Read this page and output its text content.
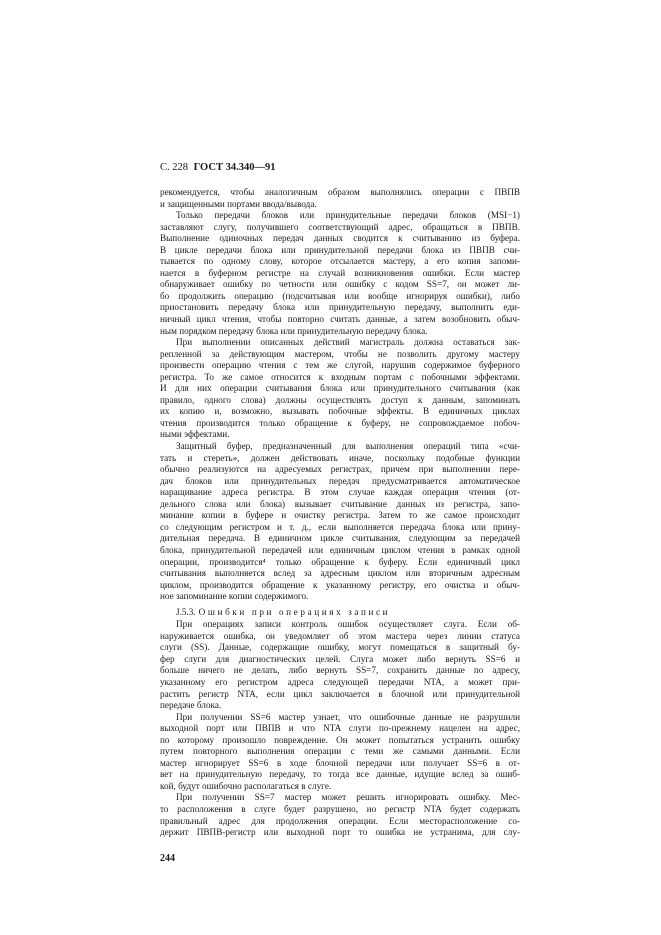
С. 228 ГОСТ 34.340—91
рекомендуется, чтобы аналогичным образом выполнялись операции с ПВПВ
и защищенными портами ввода/вывода.
Только передачи блоков или принудительные передачи блоков (MSI−1)
заставляют слугу, получившего соответствующий адрес, обращаться в ПВПВ.
Выполнение одиночных передач данных сводится к считыванию из буфера.
В цикле передачи блока или принудительной передачи блока из ПВПВ счи-
тывается по одному слову, которое отсылается мастеру, а его копия запоми-
нается в буферном регистре на случай возникновения ошибки. Если мастер
обнаруживает ошибку по четности или ошибку с кодом SS=7, он может ли-
бо продолжить операцию (подсчитывая или вообще игнорируя ошибки), либо
приостановить передачу блока или принудительную передачу, выполнить еди-
ничный цикл чтения, чтобы повторно считать данные, а затем возобновить обыч-
ным порядком передачу блока или принудительную передачу блока.
При выполнении описанных действий магистраль должна оставаться зак-
репленной за действующим мастером, чтобы не позволить другому мастеру
произвести операцию чтения с тем же слугой, нарушив содержимое буферного
регистра. То же самое относится к входным портам с побочными эффектами.
И для них операции считывания блока или принудительного считывания (как
правило, одного слова) должны осуществлять доступ к данным, запоминать
их копию и, возможно, вызывать побочные эффекты. В единичных циклах
чтения производится только обращение к буферу, не сопровождаемое побоч-
ными эффектами.
Защитный буфер, предназначенный для выполнения операций типа «счи-
тать и стереть», должен действовать иначе, поскольку подобные функции
обычно реализуются на адресуемых регистрах, причем при выполнении пере-
дач блоков или принудительных передач предусматривается автоматическое
наращивание адреса регистра. В этом случае каждая операция чтения (от-
дельного слова или блока) вызывает считывание данных из регистра, запо-
минание копии в буфере и очистку регистра. Затем то же самое происходит
со следующим регистром и т. д., если выполняется передача блока или прину-
дительная передача. В единичном цикле считывания, следующим за передачей
блока, принудительной передачей или единичным циклом чтения в рамках одной
операции, производится⁴ только обращение к буферу. Если единичный цикл
считывания выполняется вслед за адресным циклом или вторичным адресным
циклом, производится обращение к указанному регистру, его очистка и обыч-
ное запоминание копии содержимого.
J.5.3. Ошибки при операциях записи
При операциях записи контроль ошибок осуществляет слуга. Если об-
наруживается ошибка, он уведомляет об этом мастера через линии статуса
слуги (SS). Данные, содержащие ошибку, могут помещаться в защитный бу-
фер слуги для диагностических целей. Слуга может либо вернуть SS=6 и
больше ничего не делать, либо вернуть SS=7, сохранить данные по адресу,
указанному его регистром адреса следующей передачи NTA, а может при-
растить регистр NTA, если цикл заключается в блочной или принудительной
передаче блока.
При получении SS=6 мастер узнает, что ошибочные данные не разрушили
выходной порт или ПВПВ и что NTA слуги по-прежнему нацелен на адрес,
по которому произошло повреждение. Он может попытаться устранить ошибку
путем повторного выполнения операции с теми же самыми данными. Если
мастер игнорирует SS=6 в ходе блочной передачи или получает SS=6 в от-
вет на принудительную передачу, то тогда все данные, идущие вслед за ошиб-
кой, будут ошибочно располагаться в слуге.
При получении SS=7 мастер может решить игнорировать ошибку. Мес-
то расположения в слуге будет разрушено, но регистр NTA будет содержать
правильный адрес для продолжения операции. Если месторасположение со-
держит ПВПВ-регистр или выходной порт то ошибка не устранима, для слу-
244
